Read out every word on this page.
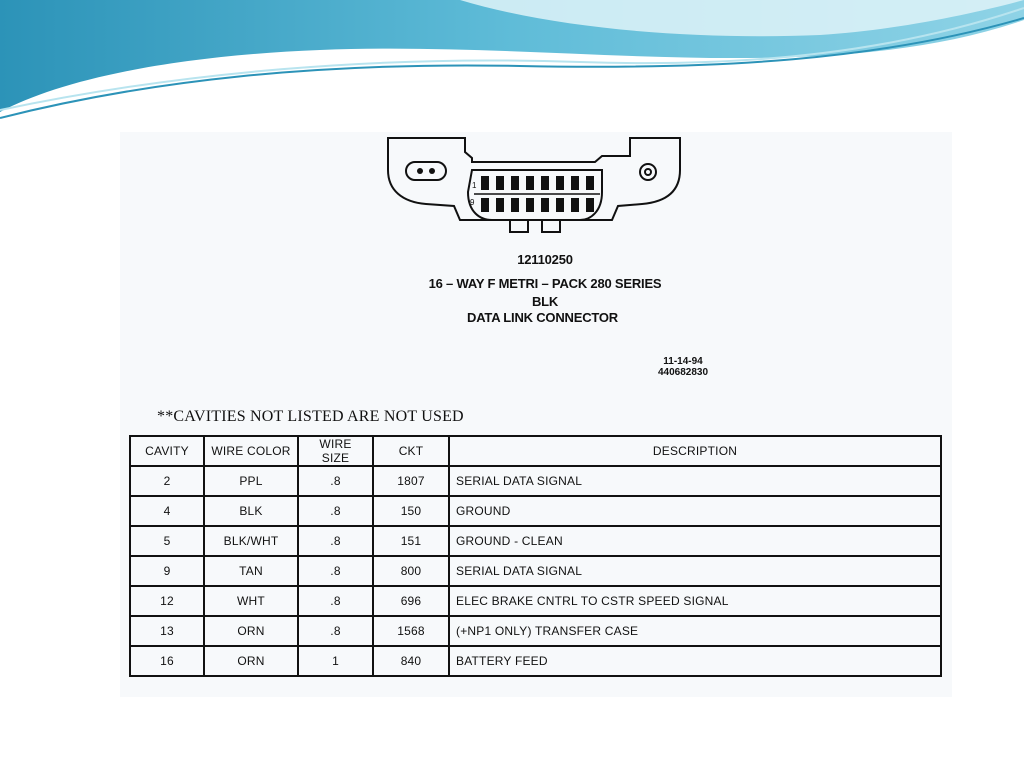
1
9
12110250
16 – WAY F METRI – PACK 280 SERIES
BLK
DATA LINK CONNECTOR
11-14-94
440682830
**CAVITIES NOT LISTED ARE NOT USED
CAVITY	WIRE COLOR	WIRE SIZE	CKT	DESCRIPTION
2	PPL	.8	1807	SERIAL DATA SIGNAL
4	BLK	.8	150	GROUND
5	BLK/WHT	.8	151	GROUND - CLEAN
9	TAN	.8	800	SERIAL DATA SIGNAL
12	WHT	.8	696	ELEC BRAKE CNTRL TO CSTR SPEED SIGNAL
13	ORN	.8	1568	(+NP1 ONLY) TRANSFER CASE
16	ORN	1	840	BATTERY FEED
